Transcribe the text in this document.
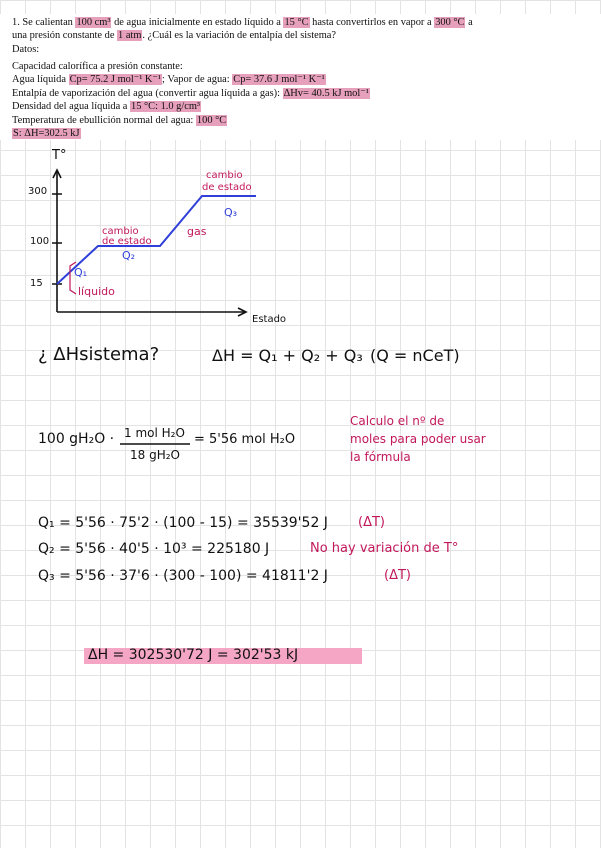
1. Se calientan 100 cm³ de agua inicialmente en estado líquido a 15 °C hasta convertirlos en vapor a 300 °C a
una presión constante de 1 atm. ¿Cuál es la variación de entalpía del sistema?
Datos:
Capacidad calorífica a presión constante:
Agua líquida Cp= 75.2 J mol⁻¹ K⁻¹; Vapor de agua: Cp= 37.6 J mol⁻¹ K⁻¹
Entalpía de vaporización del agua (convertir agua líquida a gas): ΔHv= 40.5 kJ mol⁻¹
Densidad del agua líquida a 15 °C: 1.0 g/cm³
Temperatura de ebullición normal del agua: 100 °C
S: ΔH=302.5 kJ
T°
300
100
15
Estado
Q₁
líquido
cambio
de estado
Q₂
gas
cambio
de estado
Q₃
¿ ΔHsistema?	ΔH = Q₁ + Q₂ + Q₃ (Q = nCeT)
100 gH₂O · 1 mol H₂O
18 gH₂O
= 5'56 mol H₂O
Calculo el nº de
moles para poder usar
la fórmula
Q₁ = 5'56 · 75'2 · (100 - 15) = 35539'52 J (ΔT)
Q₂ = 5'56 · 40'5 · 10³ = 225180 J	No hay variación de T°
Q₃ = 5'56 · 37'6 · (300 - 100) = 41811'2 J	(ΔT)
ΔH = 302530'72 J = 302'53 kJ
